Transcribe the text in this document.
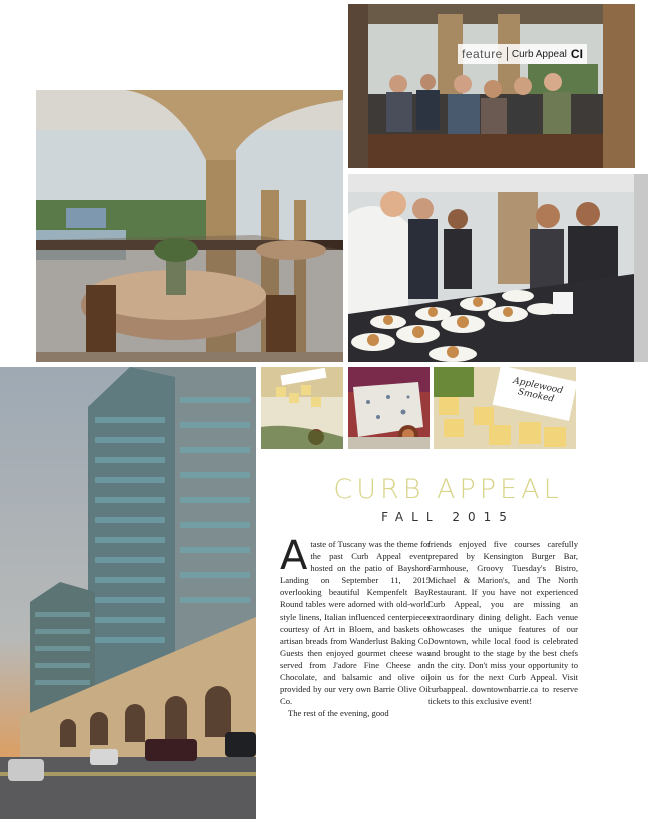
feature Curb Appeal CI
Applewood Smoked
CURB APPEAL
FALL 2015

Ataste of Tuscany was the theme for the past Curb Appeal event, hosted on the patio of Bayshore Landing on September 11, 2015 overlooking beautiful Kempenfelt Bay. Round tables were adorned with old-world style linens, Italian influenced centerpieces courtesy of Art in Bloem, and baskets of artisan breads from Wanderlust Baking Co. Guests then enjoyed gourmet cheese was served from J'adore Fine Cheese and Chocolate, and balsamic and olive oil provided by our very own Barrie Olive Oil Co.

The rest of the evening, good

friends enjoyed five courses carefully prepared by Kensington Burger Bar, Farmhouse, Groovy Tuesday's Bistro, Michael & Marion's, and The North Restaurant. If you have not experienced Curb Appeal, you are missing an extraordinary dining delight. Each venue showcases the unique features of our Downtown, while local food is celebrated and brought to the stage by the best chefs in the city. Don't miss your opportunity to join us for the next Curb Appeal. Visit curbappeal. downtownbarrie.ca to reserve tickets to this exclusive event!
